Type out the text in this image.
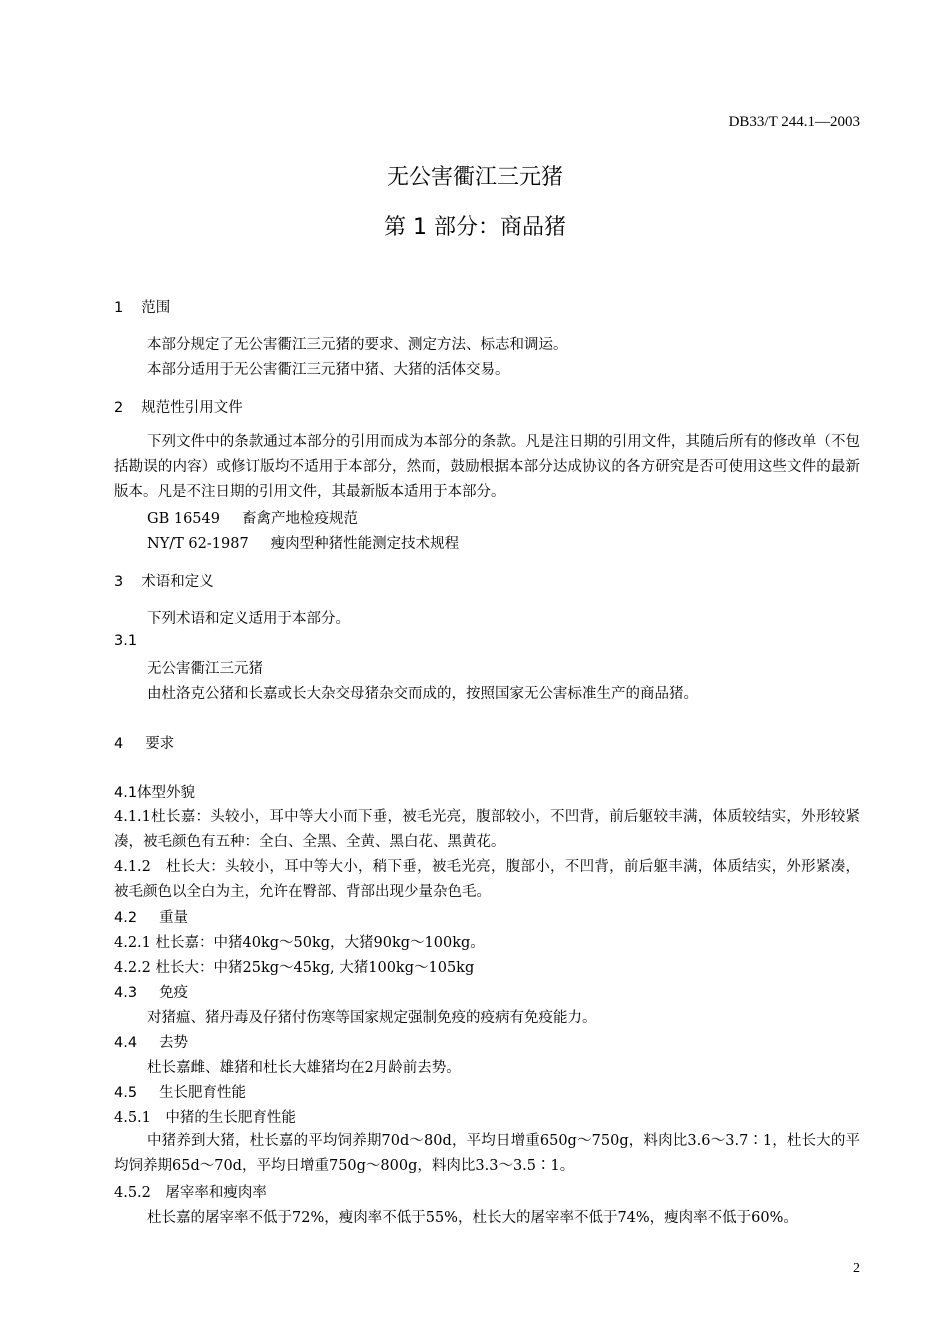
DB33/T 244.1—2003
无公害衢江三元猪
第 1 部分：商品猪
1 范围
本部分规定了无公害衢江三元猪的要求、测定方法、标志和调运。
本部分适用于无公害衢江三元猪中猪、大猪的活体交易。
2 规范性引用文件
下列文件中的条款通过本部分的引用而成为本部分的条款。凡是注日期的引用文件，其随后所有的修改单（不包括勘误的内容）或修订版均不适用于本部分，然而，鼓励根据本部分达成协议的各方研究是否可使用这些文件的最新版本。凡是不注日期的引用文件，其最新版本适用于本部分。
GB 16549 畜禽产地检疫规范
NY/T 62-1987 瘦肉型种猪性能测定技术规程
3 术语和定义
下列术语和定义适用于本部分。
3.1
无公害衢江三元猪
由杜洛克公猪和长嘉或长大杂交母猪杂交而成的，按照国家无公害标准生产的商品猪。
4 要求
4.1体型外貌
4.1.1杜长嘉：头较小，耳中等大小而下垂，被毛光亮，腹部较小，不凹背，前后躯较丰满，体质较结实，外形较紧凑，被毛颜色有五种：全白、全黑、全黄、黑白花、黑黄花。
4.1.2　杜长大：头较小，耳中等大小，稍下垂，被毛光亮，腹部小，不凹背，前后躯丰满，体质结实，外形紧凑，被毛颜色以全白为主，允许在臀部、背部出现少量杂色毛。
4.2 重量
4.2.1 杜长嘉：中猪40kg～50kg，大猪90kg～100kg。
4.2.2 杜长大：中猪25kg～45kg, 大猪100kg～105kg
4.3 免疫
对猪瘟、猪丹毒及仔猪付伤寒等国家规定强制免疫的疫病有免疫能力。
4.4 去势
杜长嘉雌、雄猪和杜长大雄猪均在2月龄前去势。
4.5 生长肥育性能
4.5.1　中猪的生长肥育性能
中猪养到大猪，杜长嘉的平均饲养期70d～80d，平均日增重650g～750g，料肉比3.6～3.7∶1，杜长大的平均饲养期65d～70d，平均日增重750g～800g，料肉比3.3～3.5∶1。
4.5.2　屠宰率和瘦肉率
杜长嘉的屠宰率不低于72%，瘦肉率不低于55%，杜长大的屠宰率不低于74%，瘦肉率不低于60%。
2
